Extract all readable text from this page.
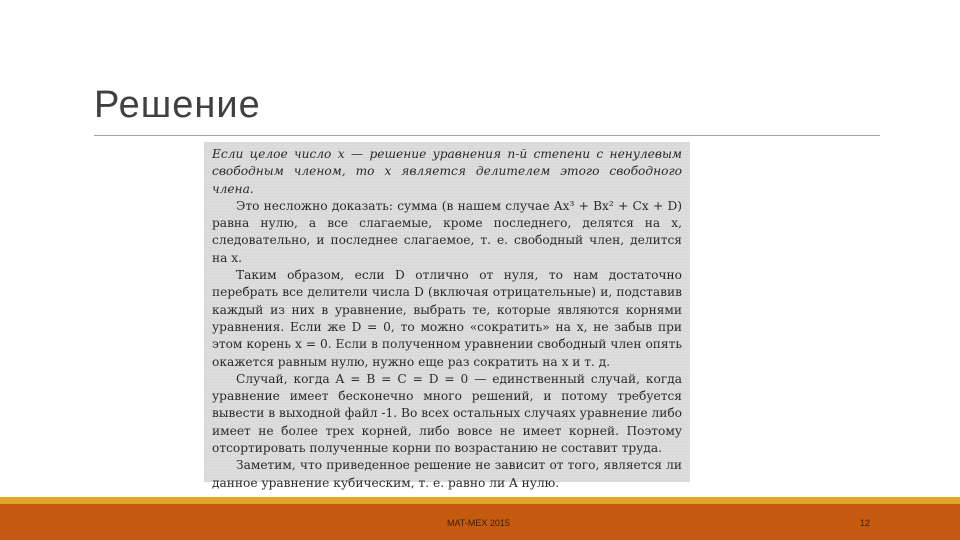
Решение

Если целое число x — решение уравнения n-й степени с ненулевым свободным членом, то x является делителем этого свободного члена.

Это несложно доказать: сумма (в нашем случае Ax³ + Bx² + Cx + D) равна нулю, а все слагаемые, кроме последнего, делятся на x, следовательно, и последнее слагаемое, т. е. свободный член, делится на x.

Таким образом, если D отлично от нуля, то нам достаточно перебрать все делители числа D (включая отрицательные) и, подставив каждый из них в уравнение, выбрать те, которые являются корнями уравнения. Если же D = 0, то можно «сократить» на x, не забыв при этом корень x = 0. Если в полученном уравнении свободный член опять окажется равным нулю, нужно еще раз сократить на x и т. д.

Случай, когда A = B = C = D = 0 — единственный случай, когда уравнение имеет бесконечно много решений, и потому требуется вывести в выходной файл -1. Во всех остальных случаях уравнение либо имеет не более трех корней, либо вовсе не имеет корней. Поэтому отсортировать полученные корни по возрастанию не составит труда.

Заметим, что приведенное решение не зависит от того, является ли данное уравнение кубическим, т. е. равно ли A нулю.

MAT-MEX 2015	12
